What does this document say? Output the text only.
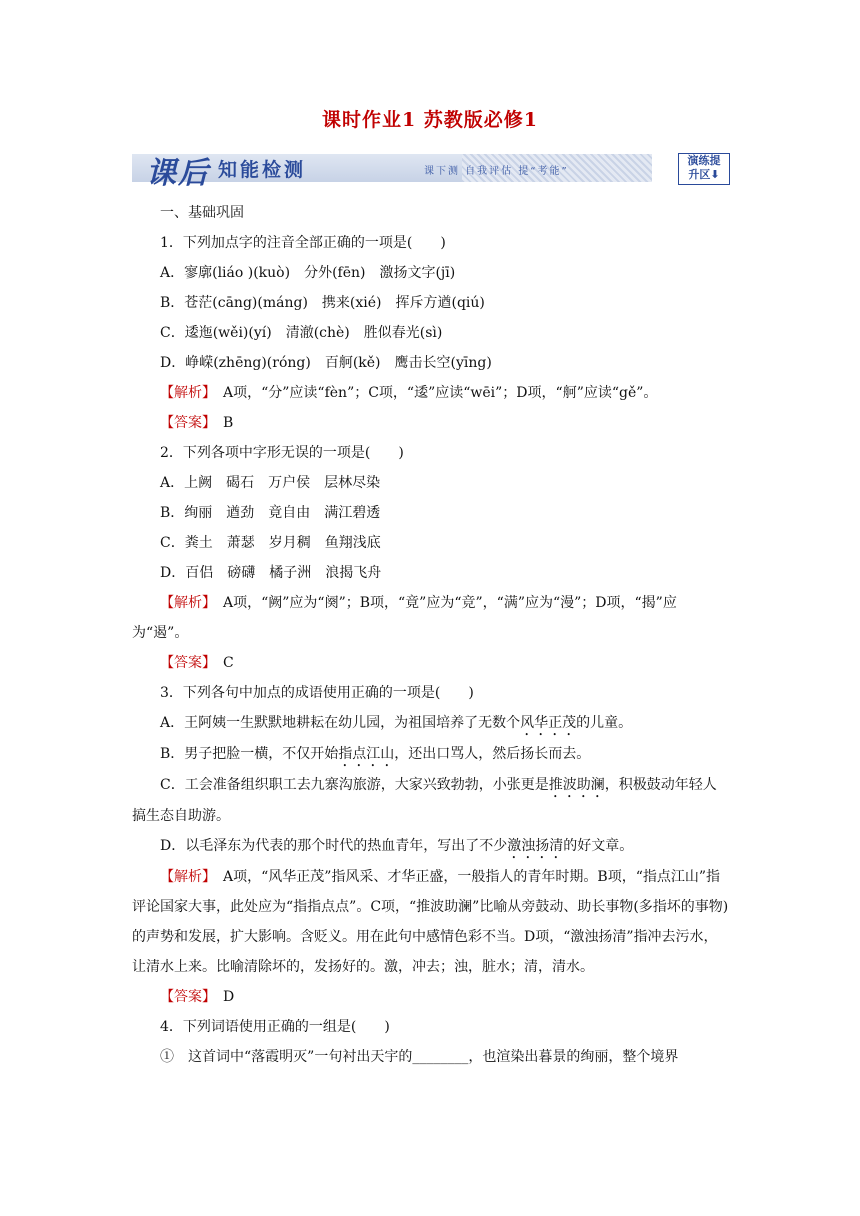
课时作业1 苏教版必修1
课后 知能检测	课下测 自我评估 提“考能”
演练提
升区⬇

一、基础巩固

1．下列加点字的注音全部正确的一项是(　　)

A．寥廓(liáo )(kuò)　分外(fēn)　激扬文字(jī)

B．苍茫(cāng)(máng)　携来(xié)　挥斥方遒(qiú)

C．逶迤(wěi)(yí)　清澈(chè)　胜似春光(sì)

D．峥嵘(zhēng)(róng)　百舸(kě)　鹰击长空(yīng)

【解析】　A项，“分”应读“fèn”；C项，“逶”应读“wēi”；D项，“舸”应读“gě”。

【答案】　B

2．下列各项中字形无误的一项是(　　)

A．上阙　碣石　万户侯　层林尽染

B．绚丽　遒劲　竟自由　满江碧透

C．粪土　萧瑟　岁月稠　鱼翔浅底

D．百侣　磅礴　橘子洲　浪揭飞舟

【解析】　A项，“阙”应为“阕”；B项，“竟”应为“竞”，“满”应为“漫”；D项，“揭”应为“遏”。

【答案】　C

3．下列各句中加点的成语使用正确的一项是(　　)

A．王阿姨一生默默地耕耘在幼儿园，为祖国培养了无数个风华正茂的儿童。

B．男子把脸一横，不仅开始指点江山，还出口骂人，然后扬长而去。

C．工会准备组织职工去九寨沟旅游，大家兴致勃勃，小张更是推波助澜，积极鼓动年轻人搞生态自助游。

D．以毛泽东为代表的那个时代的热血青年，写出了不少激浊扬清的好文章。

【解析】　A项，“风华正茂”指风采、才华正盛，一般指人的青年时期。B项，“指点江山”指评论国家大事，此处应为“指指点点”。C项，“推波助澜”比喻从旁鼓动、助长事物(多指坏的事物)的声势和发展，扩大影响。含贬义。用在此句中感情色彩不当。D项，“激浊扬清”指冲去污水，让清水上来。比喻清除坏的，发扬好的。激，冲去；浊，脏水；清，清水。

【答案】　D

4．下列词语使用正确的一组是(　　)

①　这首词中“落霞明灭”一句衬出天宇的________，也渲染出暮景的绚丽，整个境界
